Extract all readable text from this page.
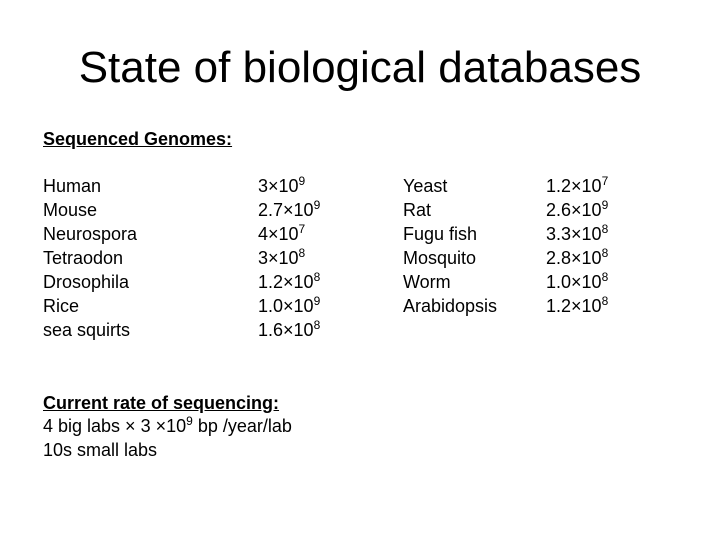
State of biological databases
Sequenced Genomes:
Human
Mouse
Neurospora
Tetraodon
Drosophila
Rice
sea squirts
$3\times 10^9$
$2.7\times 10^9$
$4\times 10^7$
$3\times 10^8$
$1.2\times 10^8$
$1.0\times 10^9$
$1.6\times 10^8$
Yeast
Rat
Fugu fish
Mosquito
Worm
Arabidopsis
$1.2\times 10^7$
$2.6\times 10^9$
$3.3\times 10^8$
$2.8\times 10^8$
$1.0\times 10^8$
$1.2\times 10^8$
Current rate of sequencing:
4 big labs × $3 \times 10^9$ bp /year/lab
10s small labs
